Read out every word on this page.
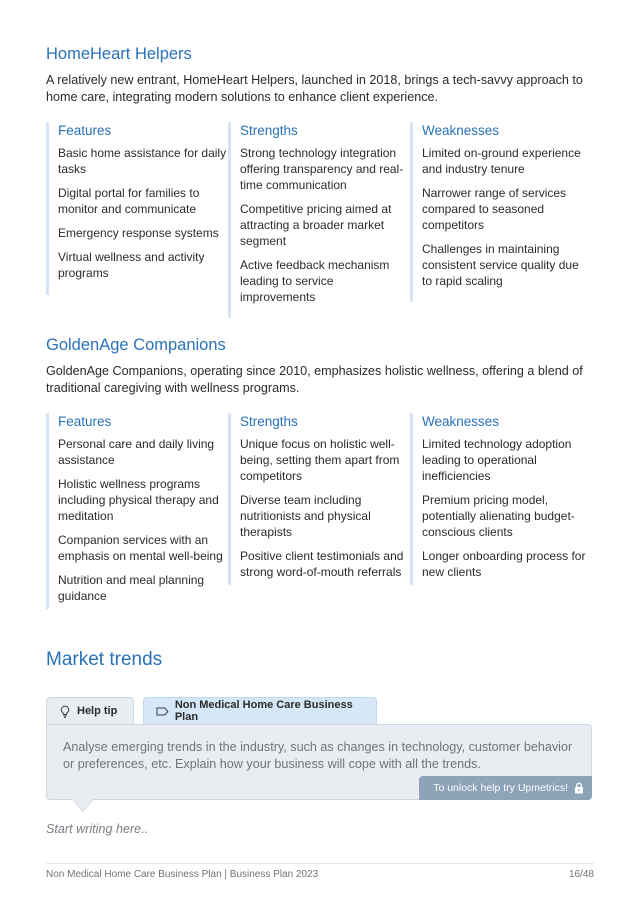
HomeHeart Helpers

A relatively new entrant, HomeHeart Helpers, launched in 2018, brings a tech-savvy approach to home care, integrating modern solutions to enhance client experience.

Features
Basic home assistance for daily tasks
Digital portal for families to monitor and communicate
Emergency response systems
Virtual wellness and activity programs
Strengths
Strong technology integration offering transparency and real-time communication
Competitive pricing aimed at attracting a broader market segment
Active feedback mechanism leading to service improvements
Weaknesses
Limited on-ground experience and industry tenure
Narrower range of services compared to seasoned competitors
Challenges in maintaining consistent service quality due to rapid scaling
GoldenAge Companions

GoldenAge Companions, operating since 2010, emphasizes holistic wellness, offering a blend of traditional caregiving with wellness programs.

Features
Personal care and daily living assistance
Holistic wellness programs including physical therapy and meditation
Companion services with an emphasis on mental well-being
Nutrition and meal planning guidance
Strengths
Unique focus on holistic well-being, setting them apart from competitors
Diverse team including nutritionists and physical therapists
Positive client testimonials and strong word-of-mouth referrals
Weaknesses
Limited technology adoption leading to operational inefficiencies
Premium pricing model, potentially alienating budget-conscious clients
Longer onboarding process for new clients
Market trends
Help tip	Non Medical Home Care Business Plan

Analyse emerging trends in the industry, such as changes in technology, customer behavior or preferences, etc. Explain how your business will cope with all the trends.

To unlock help try Upmetrics!

Start writing here..

Non Medical Home Care Business Plan | Business Plan 2023	16/48
